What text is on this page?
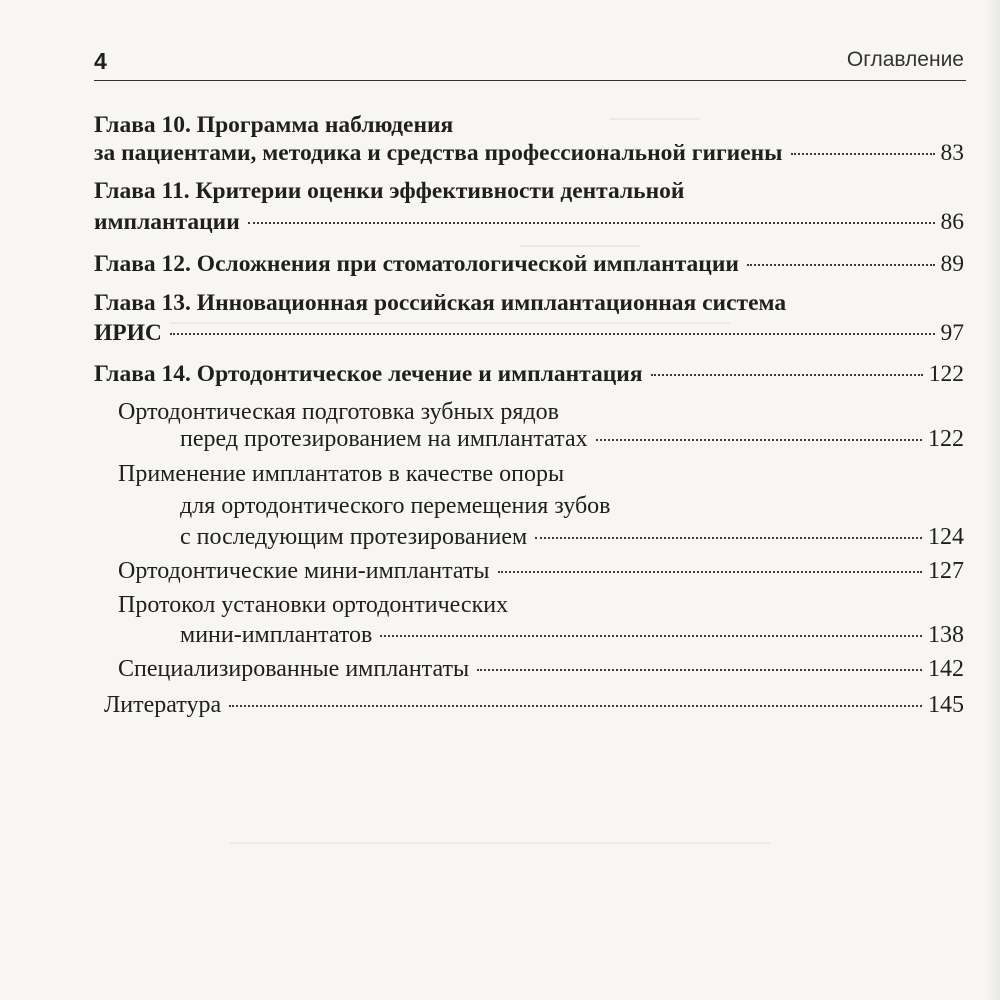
4	Оглавление
Глава 10. Программа наблюдения
за пациентами, методика и средства профессиональной гигиены	83
Глава 11. Критерии оценки эффективности дентальной
имплантации	86
Глава 12. Осложнения при стоматологической имплантации	89
Глава 13. Инновационная российская имплантационная система
ИРИС	97
Глава 14. Ортодонтическое лечение и имплантация	122
Ортодонтическая подготовка зубных рядов
перед протезированием на имплантатах	122
Применение имплантатов в качестве опоры
для ортодонтического перемещения зубов
с последующим протезированием	124
Ортодонтические мини-имплантаты	127
Протокол установки ортодонтических
мини-имплантатов	138
Специализированные имплантаты	142
Литература	145
